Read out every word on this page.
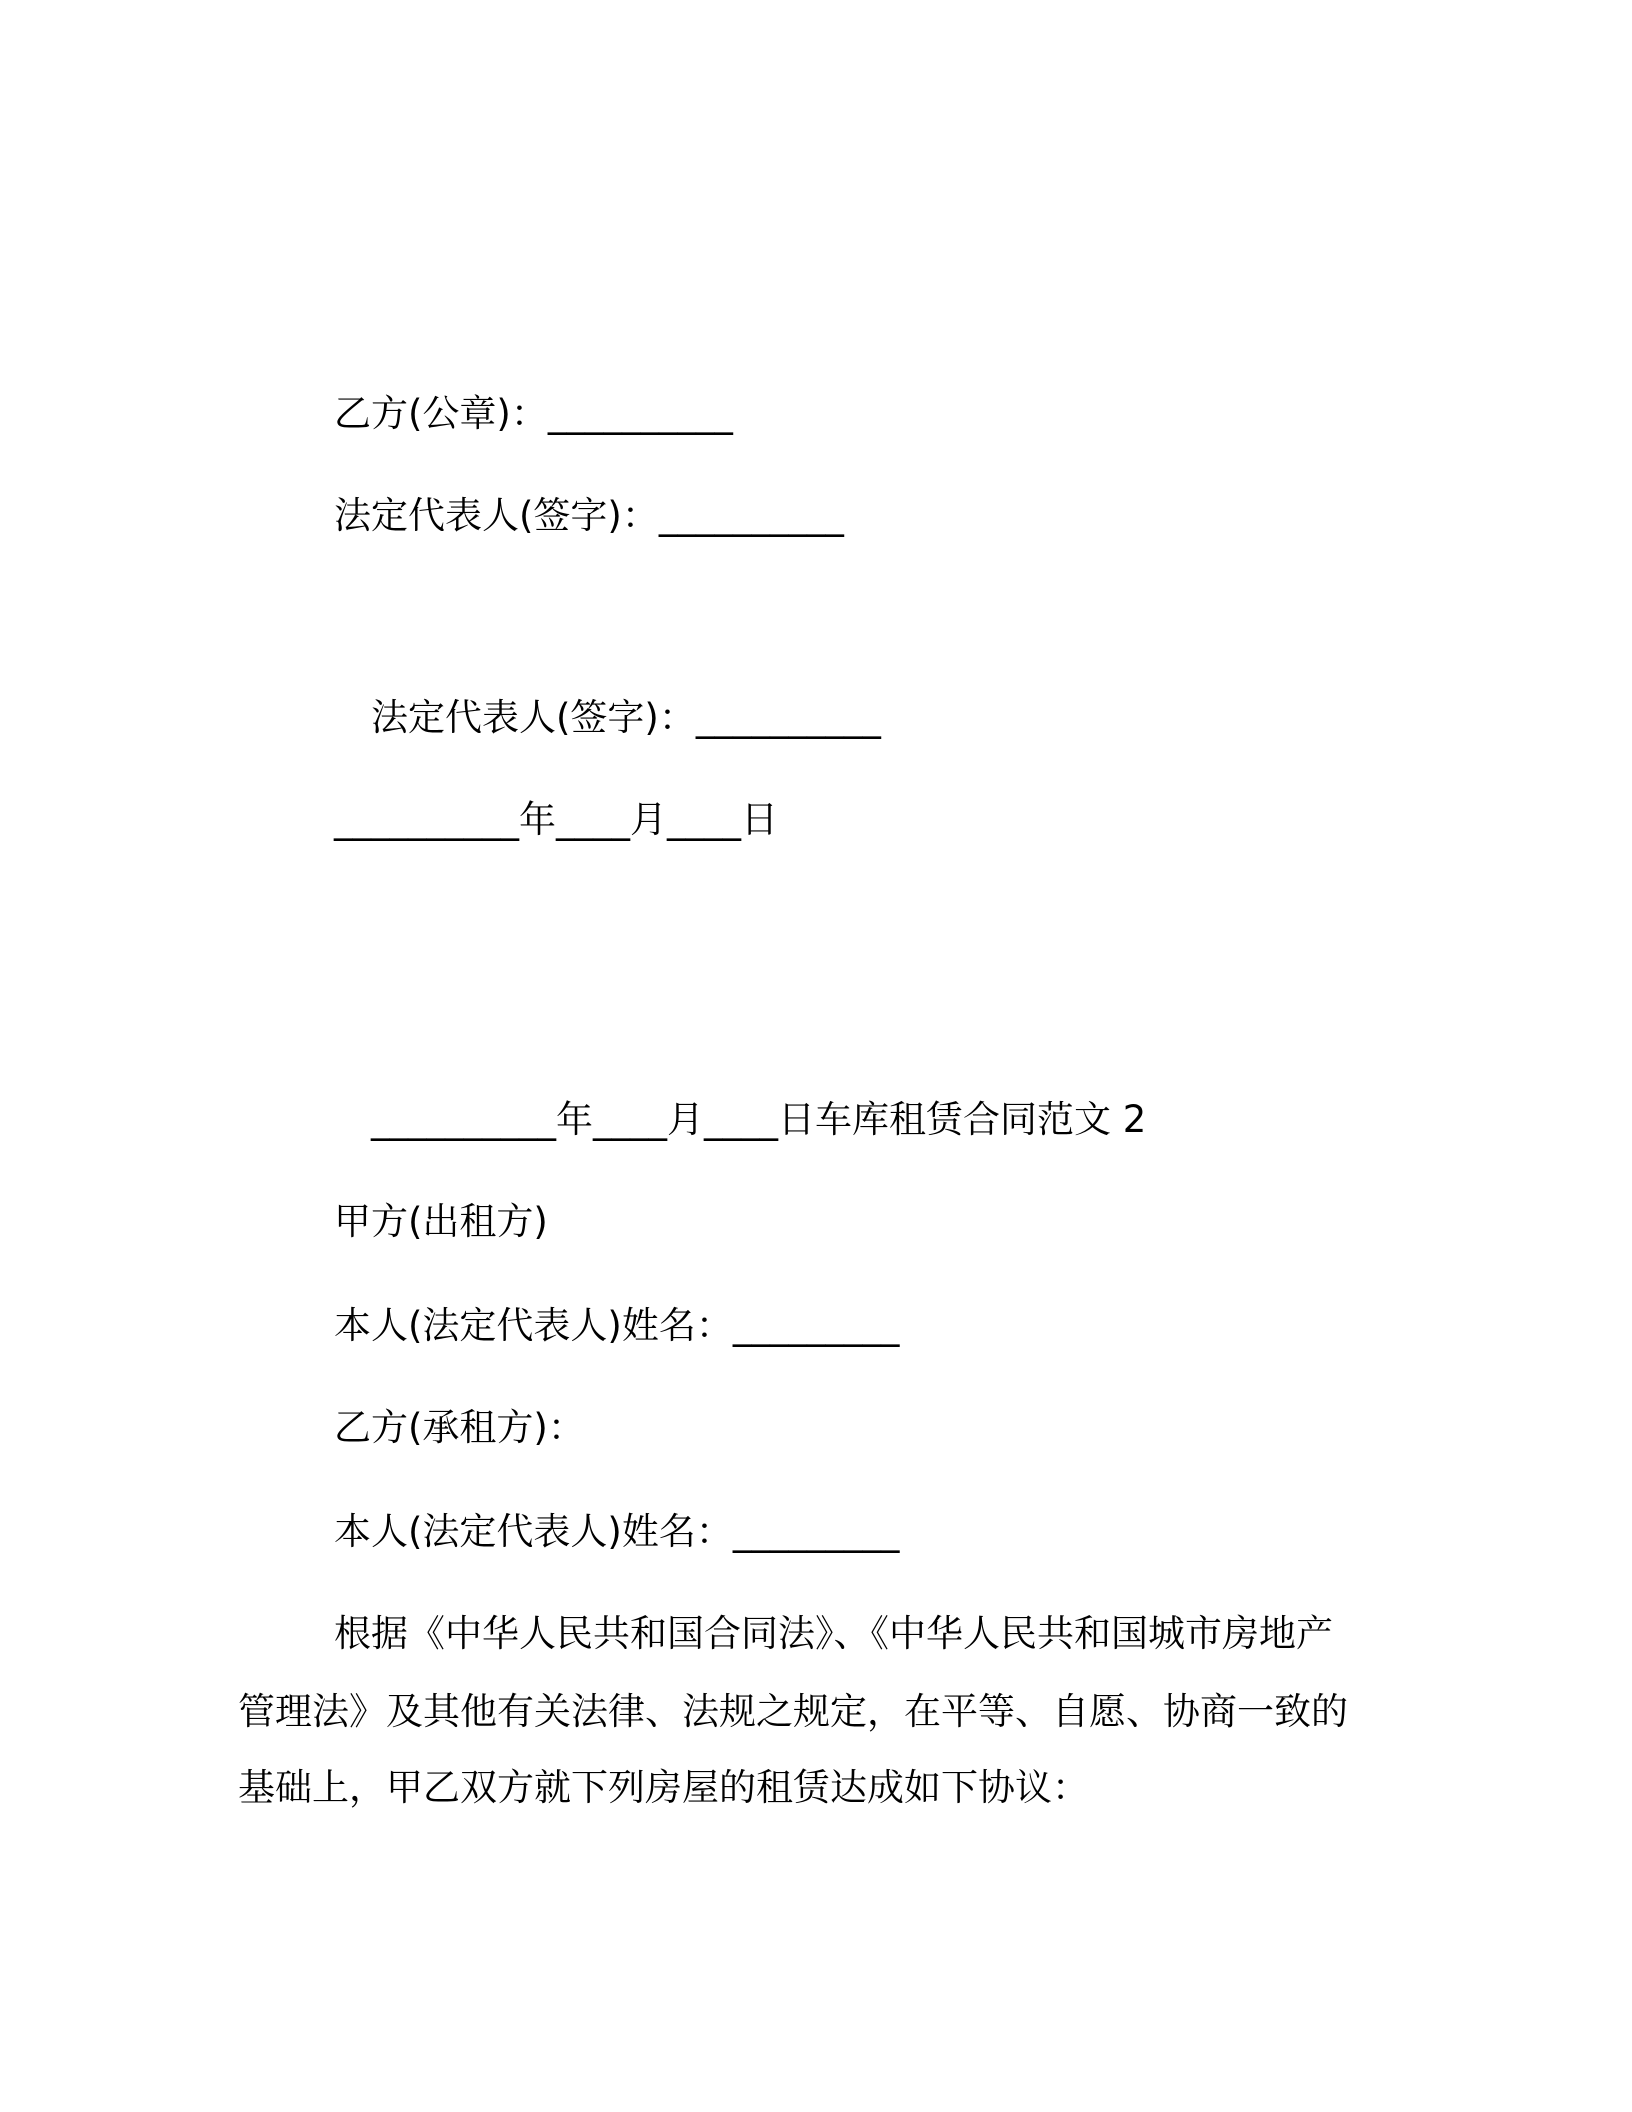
乙方(公章)：__________
法定代表人(签字)：__________
法定代表人(签字)：__________
__________年____月____日
__________年____月____日车库租赁合同范文 2
甲方(出租方)
本人(法定代表人)姓名：_________
乙方(承租方)：
本人(法定代表人)姓名：_________
根据《中华人民共和国合同法》、《中华人民共和国城市房地产
管理法》及其他有关法律、法规之规定，在平等、自愿、协商一致的
基础上，甲乙双方就下列房屋的租赁达成如下协议：
